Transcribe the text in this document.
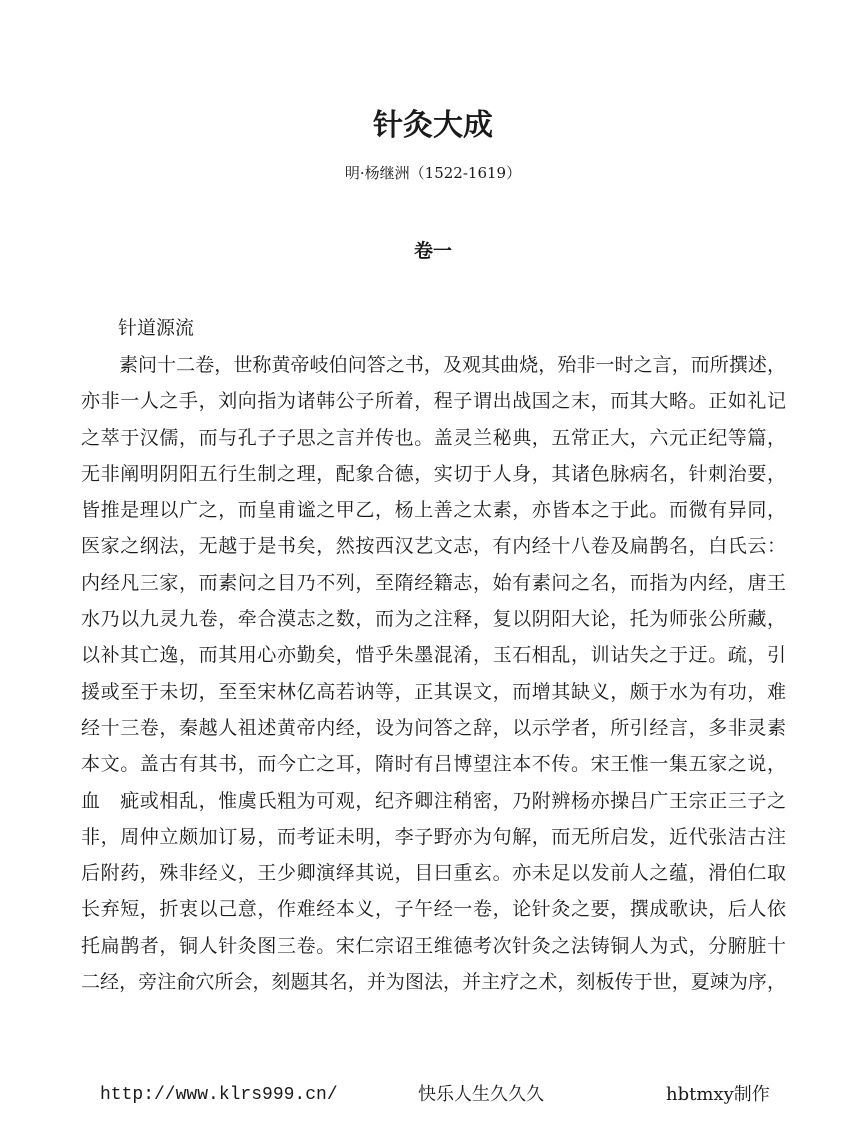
针灸大成
明·杨继洲（1522-1619）
卷一
针道源流
素问十二卷，世称黄帝岐伯问答之书，及观其曲烧，殆非一时之言，而所撰述，
亦非一人之手，刘向指为诸韩公子所着，程子谓出战国之末，而其大略。正如礼记
之萃于汉儒，而与孔子子思之言并传也。盖灵兰秘典，五常正大，六元正纪等篇，
无非阐明阴阳五行生制之理，配象合德，实切于人身，其诸色脉病名，针刺治要，
皆推是理以广之，而皇甫谧之甲乙，杨上善之太素，亦皆本之于此。而微有异同，
医家之纲法，无越于是书矣，然按西汉艺文志，有内经十八卷及扁鹊名，白氏云：
内经凡三家，而素问之目乃不列，至隋经籍志，始有素问之名，而指为内经，唐王
水乃以九灵九卷，牵合漠志之数，而为之注释，复以阴阳大论，托为师张公所藏，
以补其亡逸，而其用心亦勤矣，惜乎朱墨混淆，玉石相乱，训诂失之于迂。疏，引
援或至于未切，至至宋林亿高若讷等，正其误文，而增其缺义，颇于水为有功，难
经十三卷，秦越人祖述黄帝内经，设为问答之辞，以示学者，所引经言，多非灵素
本文。盖古有其书，而今亡之耳，隋时有吕博望注本不传。宋王惟一集五家之说，
血　疵或相乱，惟虞氏粗为可观，纪齐卿注稍密，乃附辨杨亦操吕广王宗正三子之
非，周仲立颇加订易，而考证未明，李子野亦为句解，而无所启发，近代张洁古注
后附药，殊非经义，王少卿演绎其说，目曰重玄。亦未足以发前人之蕴，滑伯仁取
长弃短，折衷以己意，作难经本义，子午经一卷，论针灸之要，撰成歌诀，后人依
托扁鹊者，铜人针灸图三卷。宋仁宗诏王维德考次针灸之法铸铜人为式，分腑脏十
二经，旁注俞穴所会，刻题其名，并为图法，并主疗之术，刻板传于世，夏竦为序，
http://www.klrs999.cn/	快乐人生久久久	hbtmxy制作
